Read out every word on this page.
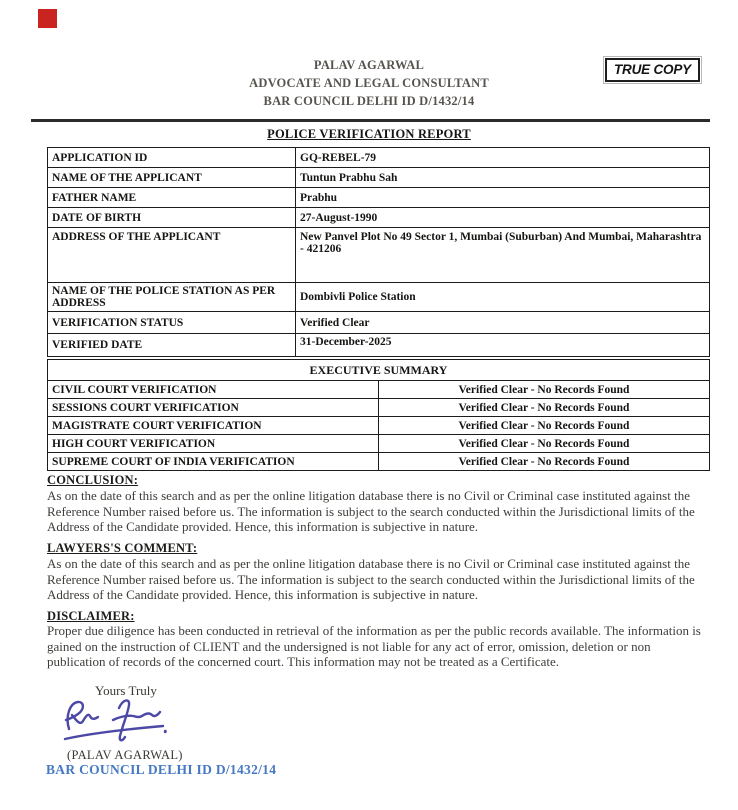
PALAV AGARWAL
ADVOCATE AND LEGAL CONSULTANT
BAR COUNCIL DELHI ID D/1432/14
TRUE COPY
POLICE VERIFICATION REPORT
APPLICATION ID	GQ-REBEL-79
NAME OF THE APPLICANT	Tuntun Prabhu Sah
FATHER NAME	Prabhu
DATE OF BIRTH	27-August-1990
ADDRESS OF THE APPLICANT	New Panvel Plot No 49 Sector 1, Mumbai (Suburban) And Mumbai, Maharashtra - 421206
NAME OF THE POLICE STATION AS PER ADDRESS	Dombivli Police Station
VERIFICATION STATUS	Verified Clear
VERIFIED DATE	31-December-2025
EXECUTIVE SUMMARY	
CIVIL COURT VERIFICATION	Verified Clear - No Records Found
SESSIONS COURT VERIFICATION	Verified Clear - No Records Found
MAGISTRATE COURT VERIFICATION	Verified Clear - No Records Found
HIGH COURT VERIFICATION	Verified Clear - No Records Found
SUPREME COURT OF INDIA VERIFICATION	Verified Clear - No Records Found
CONCLUSION:
As on the date of this search and as per the online litigation database there is no Civil or Criminal case instituted against the Reference Number raised before us. The information is subject to the search conducted within the Jurisdictional limits of the Address of the Candidate provided. Hence, this information is subjective in nature.
LAWYERS'S COMMENT:
As on the date of this search and as per the online litigation database there is no Civil or Criminal case instituted against the Reference Number raised before us. The information is subject to the search conducted within the Jurisdictional limits of the Address of the Candidate provided. Hence, this information is subjective in nature.
DISCLAIMER:
Proper due diligence has been conducted in retrieval of the information as per the public records available. The information is gained on the instruction of CLIENT and the undersigned is not liable for any act of error, omission, deletion or non publication of records of the concerned court. This information may not be treated as a Certificate.
Yours Truly
(PALAV AGARWAL)
BAR COUNCIL DELHI ID D/1432/14
